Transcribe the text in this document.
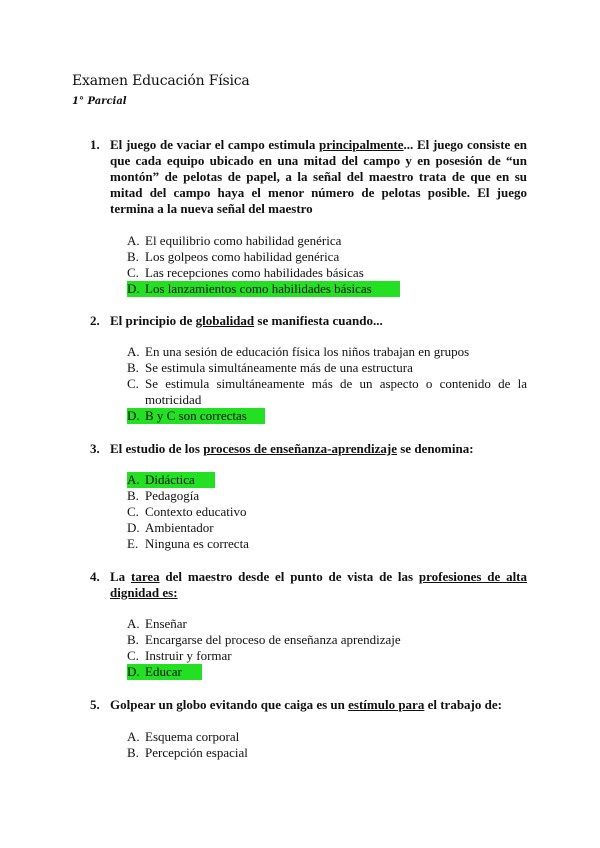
Examen Educación Física
1° Parcial
1. El juego de vaciar el campo estimula principalmente... El juego consiste en que cada equipo ubicado en una mitad del campo y en posesión de “un montón” de pelotas de papel, a la señal del maestro trata de que en su mitad del campo haya el menor número de pelotas posible. El juego termina a la nueva señal del maestro
A. El equilibrio como habilidad genérica
B. Los golpeos como habilidad genérica
C. Las recepciones como habilidades básicas
D. Los lanzamientos como habilidades básicas
2. El principio de globalidad se manifiesta cuando...
A. En una sesión de educación física los niños trabajan en grupos
B. Se estimula simultáneamente más de una estructura
C. Se estimula simultáneamente más de un aspecto o contenido de la motricidad
D. B y C son correctas
3. El estudio de los procesos de enseñanza-aprendizaje se denomina:
A. Didáctica
B. Pedagogía
C. Contexto educativo
D. Ambientador
E. Ninguna es correcta
4. La tarea del maestro desde el punto de vista de las profesiones de alta dignidad es:
A. Enseñar
B. Encargarse del proceso de enseñanza aprendizaje
C. Instruir y formar
D. Educar
5. Golpear un globo evitando que caiga es un estímulo para el trabajo de:
A. Esquema corporal
B. Percepción espacial
